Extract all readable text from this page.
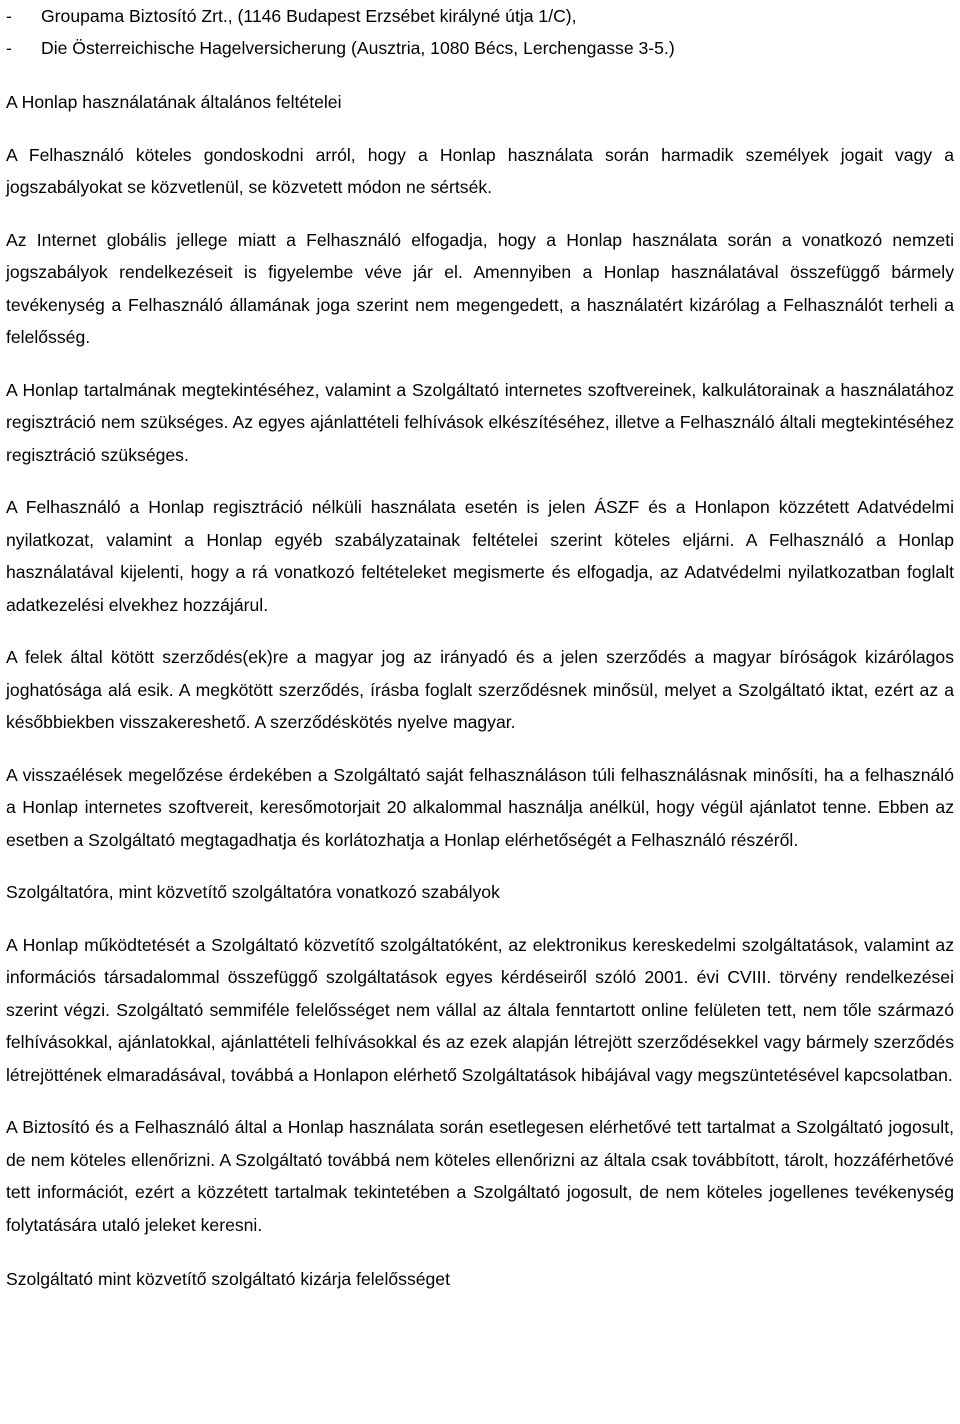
-	Groupama Biztosító Zrt., (1146 Budapest Erzsébet királyné útja 1/C),
-	Die Österreichische Hagelversicherung (Ausztria, 1080 Bécs, Lerchengasse 3-5.)

A Honlap használatának általános feltételei

A Felhasználó köteles gondoskodni arról, hogy a Honlap használata során harmadik személyek jogait vagy a jogszabályokat se közvetlenül, se közvetett módon ne sértsék.

Az Internet globális jellege miatt a Felhasználó elfogadja, hogy a Honlap használata során a vonatkozó nemzeti jogszabályok rendelkezéseit is figyelembe véve jár el. Amennyiben a Honlap használatával összefüggő bármely tevékenység a Felhasználó államának joga szerint nem megengedett, a használatért kizárólag a Felhasználót terheli a felelősség.

A Honlap tartalmának megtekintéséhez, valamint a Szolgáltató internetes szoftvereinek, kalkulátorainak a használatához regisztráció nem szükséges. Az egyes ajánlattételi felhívások elkészítéséhez, illetve a Felhasználó általi megtekintéséhez regisztráció szükséges.

A Felhasználó a Honlap regisztráció nélküli használata esetén is jelen ÁSZF és a Honlapon közzétett Adatvédelmi nyilatkozat, valamint a Honlap egyéb szabályzatainak feltételei szerint köteles eljárni. A Felhasználó a Honlap használatával kijelenti, hogy a rá vonatkozó feltételeket megismerte és elfogadja, az Adatvédelmi nyilatkozatban foglalt adatkezelési elvekhez hozzájárul.

A felek által kötött szerződés(ek)re a magyar jog az irányadó és a jelen szerződés a magyar bíróságok kizárólagos joghatósága alá esik. A megkötött szerződés, írásba foglalt szerződésnek minősül, melyet a Szolgáltató iktat, ezért az a későbbiekben visszakereshető. A szerződéskötés nyelve magyar.

A visszaélések megelőzése érdekében a Szolgáltató saját felhasználáson túli felhasználásnak minősíti, ha a felhasználó a Honlap internetes szoftvereit, keresőmotorjait 20 alkalommal használja anélkül, hogy végül ajánlatot tenne. Ebben az esetben a Szolgáltató megtagadhatja és korlátozhatja a Honlap elérhetőségét a Felhasználó részéről.

Szolgáltatóra, mint közvetítő szolgáltatóra vonatkozó szabályok

A Honlap működtetését a Szolgáltató közvetítő szolgáltatóként, az elektronikus kereskedelmi szolgáltatások, valamint az információs társadalommal összefüggő szolgáltatások egyes kérdéseiről szóló 2001. évi CVIII. törvény rendelkezései szerint végzi. Szolgáltató semmiféle felelősséget nem vállal az általa fenntartott online felületen tett, nem tőle származó felhívásokkal, ajánlatokkal, ajánlattételi felhívásokkal és az ezek alapján létrejött szerződésekkel vagy bármely szerződés létrejöttének elmaradásával, továbbá a Honlapon elérhető Szolgáltatások hibájával vagy megszüntetésével kapcsolatban.

A Biztosító és a Felhasználó által a Honlap használata során esetlegesen elérhetővé tett tartalmat a Szolgáltató jogosult, de nem köteles ellenőrizni. A Szolgáltató továbbá nem köteles ellenőrizni az általa csak továbbított, tárolt, hozzáférhetővé tett információt, ezért a közzétett tartalmak tekintetében a Szolgáltató jogosult, de nem köteles jogellenes tevékenység folytatására utaló jeleket keresni.

Szolgáltató mint közvetítő szolgáltató kizárja felelősséget
